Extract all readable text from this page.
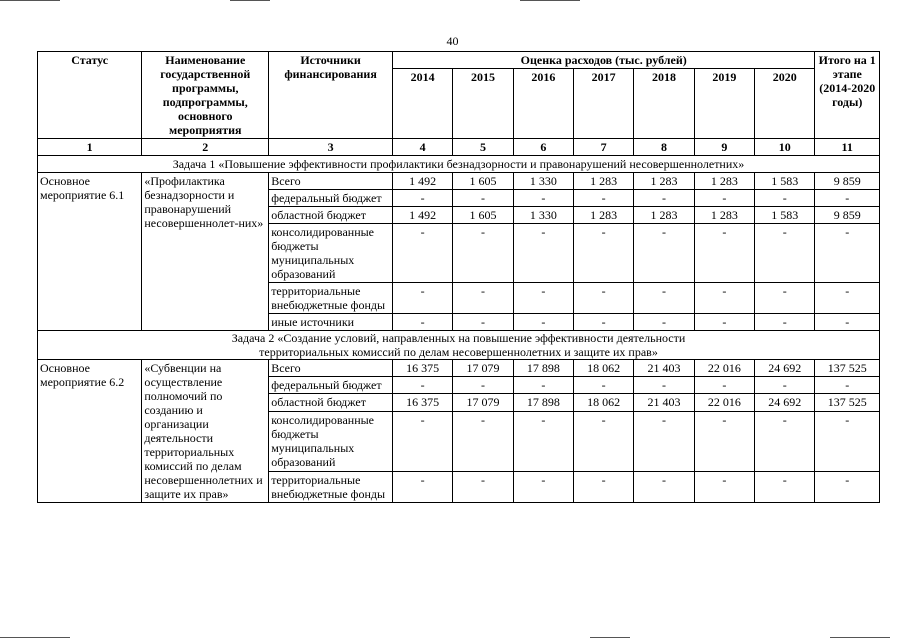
40
Статус	Наименование государственной программы, подпрограммы, основного мероприятия	Источники финансирования	Оценка расходов (тыс. рублей)							Итого на 1 этапе (2014-2020 годы)
			2014	2015	2016	2017	2018	2019	2020	
1	2	3	4	5	6	7	8	9	10	11
Задача 1 «Повышение эффективности профилактики безнадзорности и правонарушений несовершеннолетних»										
Основное мероприятие 6.1	«Профилактика безнадзорности и правонарушений несовершеннолет-них»	Всего	1 492	1 605	1 330	1 283	1 283	1 283	1 583	9 859
		федеральный бюджет	-	-	-	-	-	-	-	-
		областной бюджет	1 492	1 605	1 330	1 283	1 283	1 283	1 583	9 859
		консолидированные бюджеты муниципальных образований	-	-	-	-	-	-	-	-
		территориальные внебюджетные фонды	-	-	-	-	-	-	-	-
		иные источники	-	-	-	-	-	-	-	-
Задача 2 «Создание условий, направленных на повышение эффективности деятельности территориальных комиссий по делам несовершеннолетних и защите их прав»										
Основное мероприятие 6.2	«Субвенции на осуществление полномочий по созданию и организации деятельности территориальных комиссий по делам несовершеннолетних и защите их прав»	Всего	16 375	17 079	17 898	18 062	21 403	22 016	24 692	137 525
		федеральный бюджет	-	-	-	-	-	-	-	-
		областной бюджет	16 375	17 079	17 898	18 062	21 403	22 016	24 692	137 525
		консолидированные бюджеты муниципальных образований	-	-	-	-	-	-	-	-
		территориальные внебюджетные фонды	-	-	-	-	-	-	-	-
